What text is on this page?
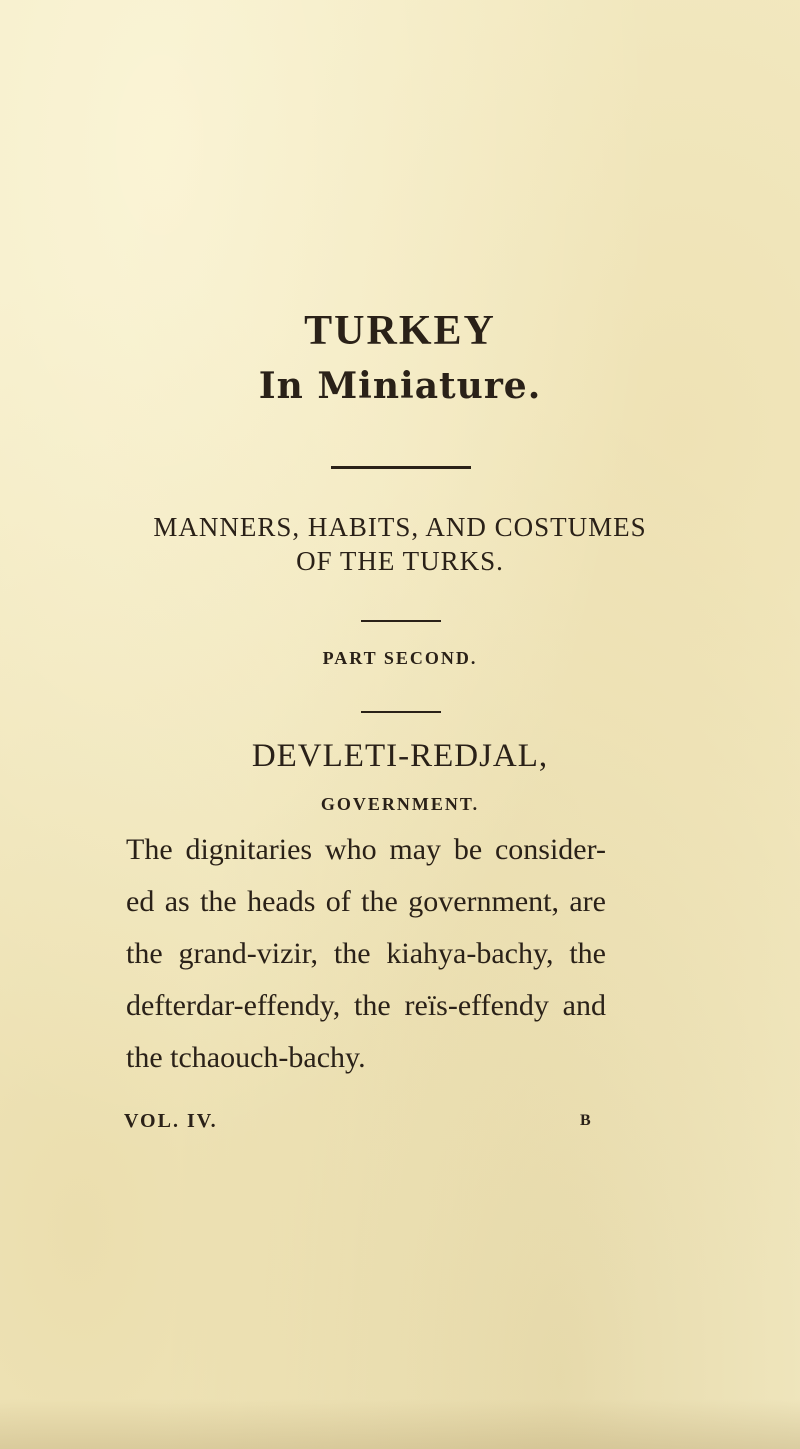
TURKEY
In Miniature.
MANNERS, HABITS, AND COSTUMES
OF THE TURKS.
PART SECOND.
DEVLETI-REDJAL,
GOVERNMENT.
The dignitaries who may be consider-
ed as the heads of the government, are
the grand-vizir, the kiahya-bachy, the
defterdar-effendy, the reïs-effendy and
the tchaouch-bachy.
VOL. IV.	B
